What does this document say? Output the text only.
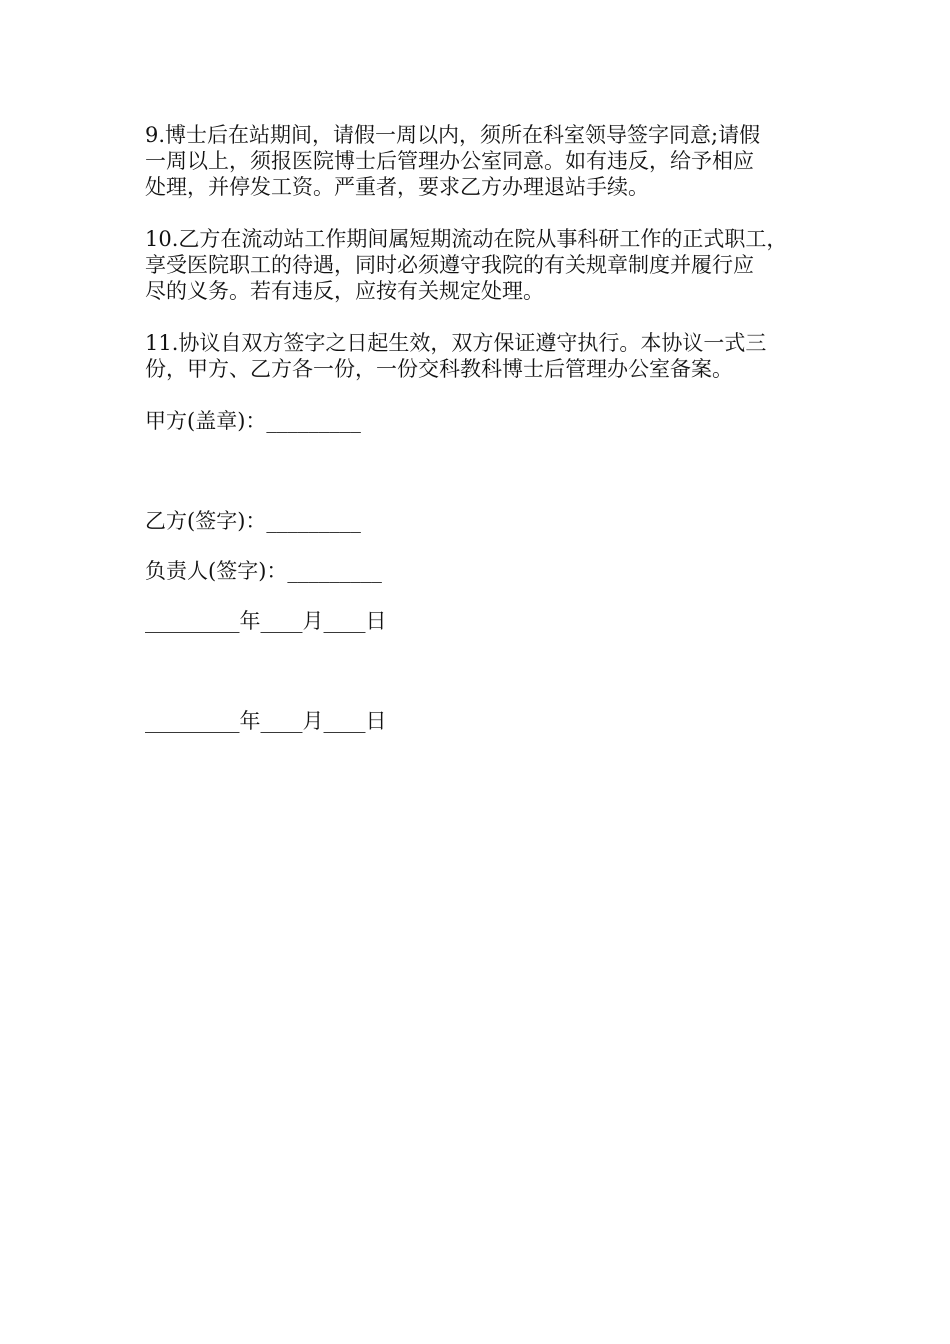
9.博士后在站期间，请假一周以内，须所在科室领导签字同意;请假
一周以上，须报医院博士后管理办公室同意。如有违反，给予相应
处理，并停发工资。严重者，要求乙方办理退站手续。

10.乙方在流动站工作期间属短期流动在院从事科研工作的正式职工，
享受医院职工的待遇，同时必须遵守我院的有关规章制度并履行应
尽的义务。若有违反，应按有关规定处理。

11.协议自双方签字之日起生效，双方保证遵守执行。本协议一式三
份，甲方、乙方各一份，一份交科教科博士后管理办公室备案。

甲方(盖章)：_________
乙方(签字)：_________
负责人(签字)：_________
_________年____月____日
_________年____月____日
